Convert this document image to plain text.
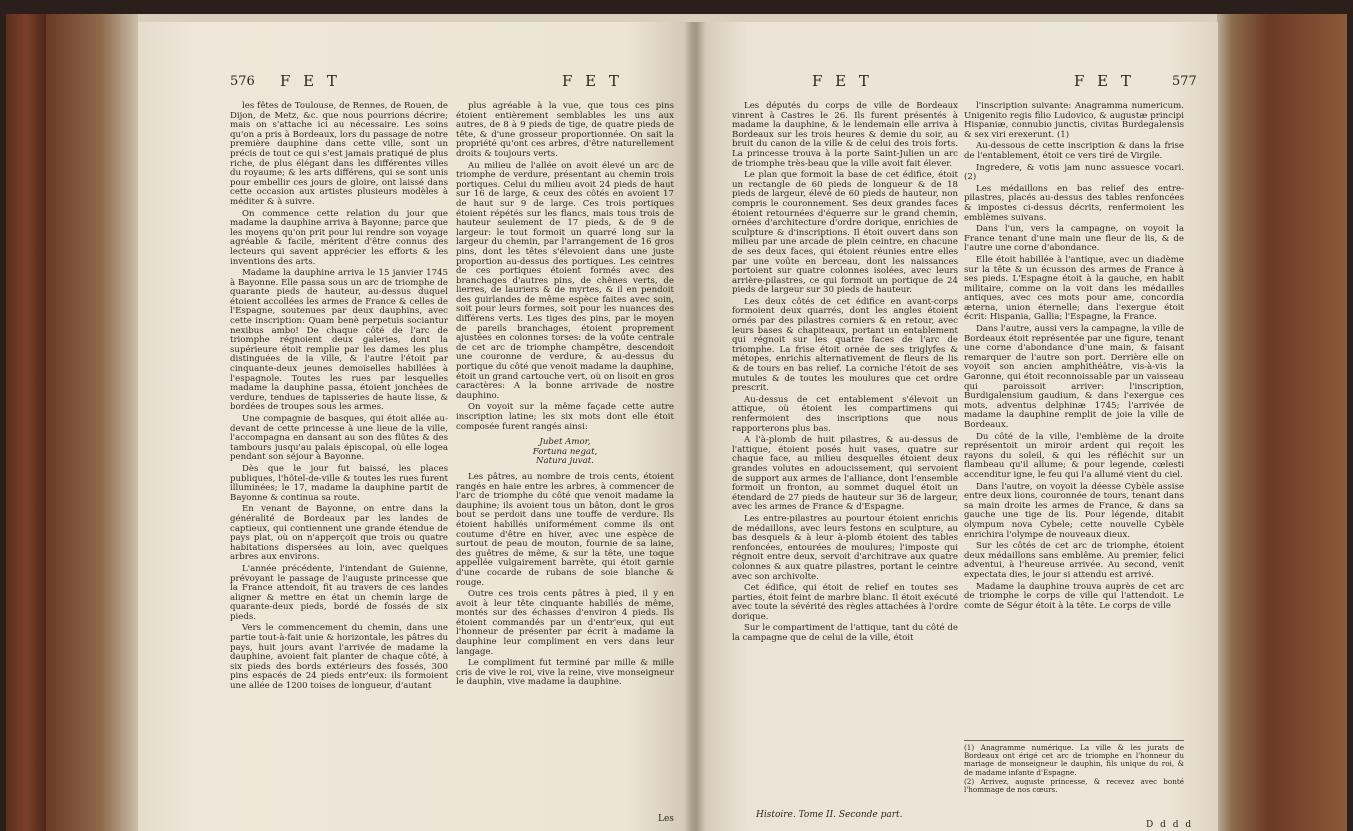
576 F E T	F E T

les fêtes de Toulouse, de Rennes, de Rouen, de Dijon, de Metz, &c. que nous pourrions décrire; mais on s'attache ici au nécessaire. Les soins qu'on a pris à Bordeaux, lors du passage de notre première dauphine dans cette ville, sont un précis de tout ce qui s'est jamais pratiqué de plus riche, de plus élégant dans les différentes villes du royaume; & les arts différens, qui se sont unis pour embellir ces jours de gloire, ont laissé dans cette occasion aux artistes plusieurs modèles à méditer & à suivre.

On commence cette relation du jour que madame la dauphine arriva à Bayonne; parce que les moyens qu'on prit pour lui rendre son voyage agréable & facile, méritent d'être connus des lecteurs qui savent apprécier les efforts & les inventions des arts.

Madame la dauphine arriva le 15 janvier 1745 à Bayonne. Elle passa sous un arc de triomphe de quarante pieds de hauteur, au-dessus duquel étoient accollées les armes de France & celles de l'Espagne, soutenues par deux dauphins, avec cette inscription: Quam benè perpetuis sociantur nexibus ambo! De chaque côté de l'arc de triomphe régnoient deux galeries, dont la supérieure étoit remplie par les dames les plus distinguées de la ville, & l'autre l'étoit par cinquante-deux jeunes demoiselles habillées à l'espagnole. Toutes les rues par lesquelles madame la dauphine passa, étoient jonchées de verdure, tendues de tapisseries de haute lisse, & bordées de troupes sous les armes.

Une compagnie de basques, qui étoit allée au-devant de cette princesse à une lieue de la ville, l'accompagna en dansant au son des flûtes & des tambours jusqu'au palais épiscopal, où elle logea pendant son séjour à Bayonne.

Dès que le jour fut baissé, les places publiques, l'hôtel-de-ville & toutes les rues furent illuminées; le 17, madame la dauphine partit de Bayonne & continua sa route.

En venant de Bayonne, on entre dans la généralité de Bordeaux par les landes de captieux, qui contiennent une grande étendue de pays plat, où on n'apperçoit que trois ou quatre habitations dispersées au loin, avec quelques arbres aux environs.

L'année précédente, l'intendant de Guienne, prévoyant le passage de l'auguste princesse que la France attendoit, fit au travers de ces landes aligner & mettre en état un chemin large de quarante-deux pieds, bordé de fossés de six pieds.

Vers le commencement du chemin, dans une partie tout-à-fait unie & horizontale, les pâtres du pays, huit jours avant l'arrivée de madame la dauphine, avoient fait planter de chaque côté, à six pieds des bords extérieurs des fossés, 300 pins espacés de 24 pieds entr'eux: ils formoient une allée de 1200 toises de longueur, d'autant

plus agréable à la vue, que tous ces pins étoient entièrement semblables les uns aux autres, de 8 à 9 pieds de tige, de quatre pieds de tête, & d'une grosseur proportionnée. On sait la propriété qu'ont ces arbres, d'être naturellement droits & toujours verts.

Au milieu de l'allée on avoit élevé un arc de triomphe de verdure, présentant au chemin trois portiques. Celui du milieu avoit 24 pieds de haut sur 16 de large, & ceux des côtés en avoient 17 de haut sur 9 de large. Ces trois portiques étoient répétés sur les flancs, mais tous trois de hauteur seulement de 17 pieds, & de 9 de largeur: le tout formoit un quarré long sur la largeur du chemin, par l'arrangement de 16 gros pins, dont les têtes s'élevoient dans une juste proportion au-dessus des portiques. Les ceintres de ces portiques étoient formés avec des branchages d'autres pins, de chênes verts, de lierres, de lauriers & de myrtes, & il en pendoit des guirlandes de même espèce faites avec soin, soit pour leurs formes, soit pour les nuances des différens verts. Les tiges des pins, par le moyen de pareils branchages, étoient proprement ajustées en colonnes torses: de la voûte centrale de cet arc de triomphe champêtre, descendoit une couronne de verdure, & au-dessus du portique du côté que venoit madame la dauphine, étoit un grand cartouche vert, où on lisoit en gros caractères: A la bonne arrivade de nostre dauphino.

On voyoit sur la même façade cette autre inscription latine; les six mots dont elle étoit composée furent rangés ainsi:

Jubet Amor,

Fortuna negat,

Natura juvat.

Les pâtres, au nombre de trois cents, étoient rangés en haie entre les arbres, à commencer de l'arc de triomphe du côté que venoit madame la dauphine; ils avoient tous un bâton, dont le gros bout se perdoit dans une touffe de verdure. Ils étoient habillés uniformément comme ils ont coutume d'être en hiver, avec une espèce de surtout de peau de mouton, fournie de sa laine, des guêtres de même, & sur la tête, une toque appellée vulgairement barrète, qui étoit garnie d'une cocarde de rubans de soie blanche & rouge.

Outre ces trois cents pâtres à pied, il y en avoit à leur tête cinquante habillés de même, montés sur des échasses d'environ 4 pieds. Ils étoient commandés par un d'entr'eux, qui eut l'honneur de présenter par écrit à madame la dauphine leur compliment en vers dans leur langage.

Le compliment fut terminé par mille & mille cris de vive le roi, vive la reine, vive monseigneur le dauphin, vive madame la dauphine.

Les
F E T	F E T	577

Les députés du corps de ville de Bordeaux vinrent à Castres le 26. Ils furent présentés à madame la dauphine, & le lendemain elle arriva à Bordeaux sur les trois heures & demie du soir, au bruit du canon de la ville & de celui des trois forts. La princesse trouva à la porte Saint-Julien un arc de triomphe très-beau que la ville avoit fait élever.

Le plan que formoit la base de cet édifice, étoit un rectangle de 60 pieds de longueur & de 18 pieds de largeur, élevé de 60 pieds de hauteur, non compris le couronnement. Ses deux grandes faces étoient retournées d'équerre sur le grand chemin, ornées d'architecture d'ordre dorique, enrichies de sculpture & d'inscriptions. Il étoit ouvert dans son milieu par une arcade de plein ceintre, en chacune de ses deux faces, qui étoient réunies entre elles par une voûte en berceau, dont les naissances portoient sur quatre colonnes isolées, avec leurs arrière-pilastres, ce qui formoit un portique de 24 pieds de largeur sur 30 pieds de hauteur.

Les deux côtés de cet édifice en avant-corps formoient deux quarrés, dont les angles étoient ornés par des pilastres corniers & en retour, avec leurs bases & chapiteaux, portant un entablement qui régnoit sur les quatre faces de l'arc de triomphe. La frise étoit ornée de ses triglyfes & métopes, enrichis alternativement de fleurs de lis & de tours en bas relief. La corniche l'étoit de ses mutules & de toutes les moulures que cet ordre prescrit.

Au-dessus de cet entablement s'élevoit un attique, où étoient les compartimens qui renfermoient des inscriptions que nous rapporterons plus bas.

A l'à-plomb de huit pilastres, & au-dessus de l'attique, étoient posés huit vases, quatre sur chaque face, au milieu desquelles étoient deux grandes volutes en adoucissement, qui servoient de support aux armes de l'alliance, dont l'ensemble formoit un fronton, au sommet duquel étoit un étendard de 27 pieds de hauteur sur 36 de largeur, avec les armes de France & d'Espagne.

Les entre-pilastres au pourtour étoient enrichis de médaillons, avec leurs festons en sculpture, au bas desquels & à leur à-plomb étoient des tables renfoncées, entourées de moulures; l'imposte qui régnoit entre deux, servoit d'architrave aux quatre colonnes & aux quatre pilastres, portant le ceintre avec son archivolte.

Cet édifice, qui étoit de relief en toutes ses parties, étoit feint de marbre blanc. Il étoit exécuté avec toute la sévérité des règles attachées à l'ordre dorique.

Sur le compartiment de l'attique, tant du côté de la campagne que de celui de la ville, étoit

Histoire. Tome II. Seconde part.

l'inscription suivante: Anagramma numericum. Unigenito regis filio Ludovico, & augustæ principi Hispaniæ, connubio junctis, civitas Burdegalensis & sex viri erexerunt. (1)

Au-dessous de cette inscription & dans la frise de l'entablement, étoit ce vers tiré de Virgile.

Ingredere, & votis jam nunc assuesce vocari. (2)

Les médaillons en bas relief des entre-pilastres, placés au-dessus des tables renfoncées & impostes ci-dessus décrits, renfermoient les emblèmes suivans.

Dans l'un, vers la campagne, on voyoit la France tenant d'une main une fleur de lis, & de l'autre une corne d'abondance.

Elle étoit habillée à l'antique, avec un diadème sur la tête & un écusson des armes de France à ses pieds. L'Espagne étoit à la gauche, en habit militaire, comme on la voit dans les médailles antiques, avec ces mots pour ame, concordia æterna, union éternelle; dans l'exergue étoit écrit: Hispania, Gallia; l'Espagne, la France.

Dans l'autre, aussi vers la campagne, la ville de Bordeaux étoit représentée par une figure, tenant une corne d'abondance d'une main, & faisant remarquer de l'autre son port. Derrière elle on voyoit son ancien amphithéâtre, vis-à-vis la Garonne, qui étoit reconnoissable par un vaisseau qui paroissoit arriver: l'inscription, Burdigalensium gaudium, & dans l'exergue ces mots, adventus delphinæ 1745; l'arrivée de madame la dauphine remplit de joie la ville de Bordeaux.

Du côté de la ville, l'emblème de la droite représentoit un miroir ardent qui reçoit les rayons du soleil, & qui les réfléchit sur un flambeau qu'il allume; & pour legende, cœlesti accenditur igne, le feu qui l'a allumé vient du ciel.

Dans l'autre, on voyoit la déesse Cybèle assise entre deux lions, couronnée de tours, tenant dans sa main droite les armes de France, & dans sa gauche une tige de lis. Pour légende, ditabit olympum nova Cybele; cette nouvelle Cybèle enrichira l'olympe de nouveaux dieux.

Sur les côtés de cet arc de triomphe, étoient deux médaillons sans emblême. Au premier, felici adventui, à l'heureuse arrivée. Au second, venit expectata dies, le jour si attendu est arrivé.

Madame la dauphine trouva auprès de cet arc de triomphe le corps de ville qui l'attendoit. Le comte de Ségur étoit à la tête. Le corps de ville

(1) Anagramme numérique. La ville & les jurats de Bordeaux ont érigé cet arc de triomphe en l'honneur du mariage de monseigneur le dauphin, fils unique du roi, & de madame infante d'Espagne.

(2) Arrivez, auguste princesse, & recevez avec bonté l'hommage de nos cœurs.

D d d d
